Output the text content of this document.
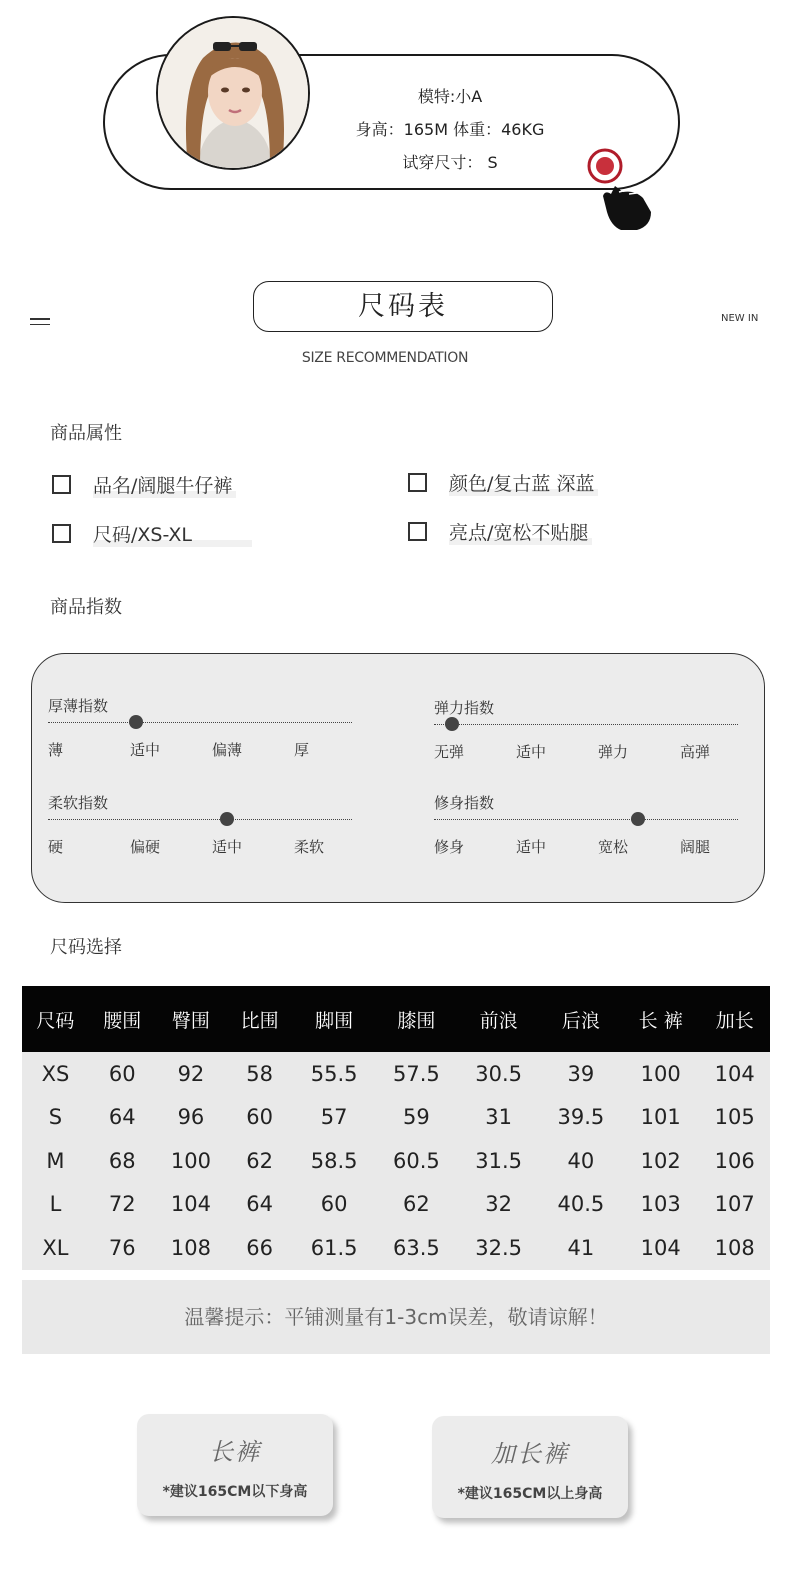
模特:小A
身高：165M 体重：46KG
试穿尺寸： S
尺码表	NEW IN
SIZE RECOMMENDATION
商品属性
品名/阔腿牛仔裤	颜色/复古蓝 深蓝
尺码/XS-XL	亮点/宽松不贴腿
商品指数
厚薄指数
薄	适中	偏薄	厚
弹力指数
无弹	适中	弹力	高弹
柔软指数
硬	偏硬	适中	柔软
修身指数
修身	适中	宽松	阔腿
尺码选择
尺码	腰围	臀围	比围	脚围	膝围	前浪	后浪	长 裤	加长
XS	60	92	58	55.5	57.5	30.5	39	100	104
S	64	96	60	57	59	31	39.5	101	105
M	68	100	62	58.5	60.5	31.5	40	102	106
L	72	104	64	60	62	32	40.5	103	107
XL	76	108	66	61.5	63.5	32.5	41	104	108
温馨提示：平铺测量有1-3cm误差，敬请谅解！
长裤
*建议165CM以下身高
加长裤
*建议165CM以上身高
